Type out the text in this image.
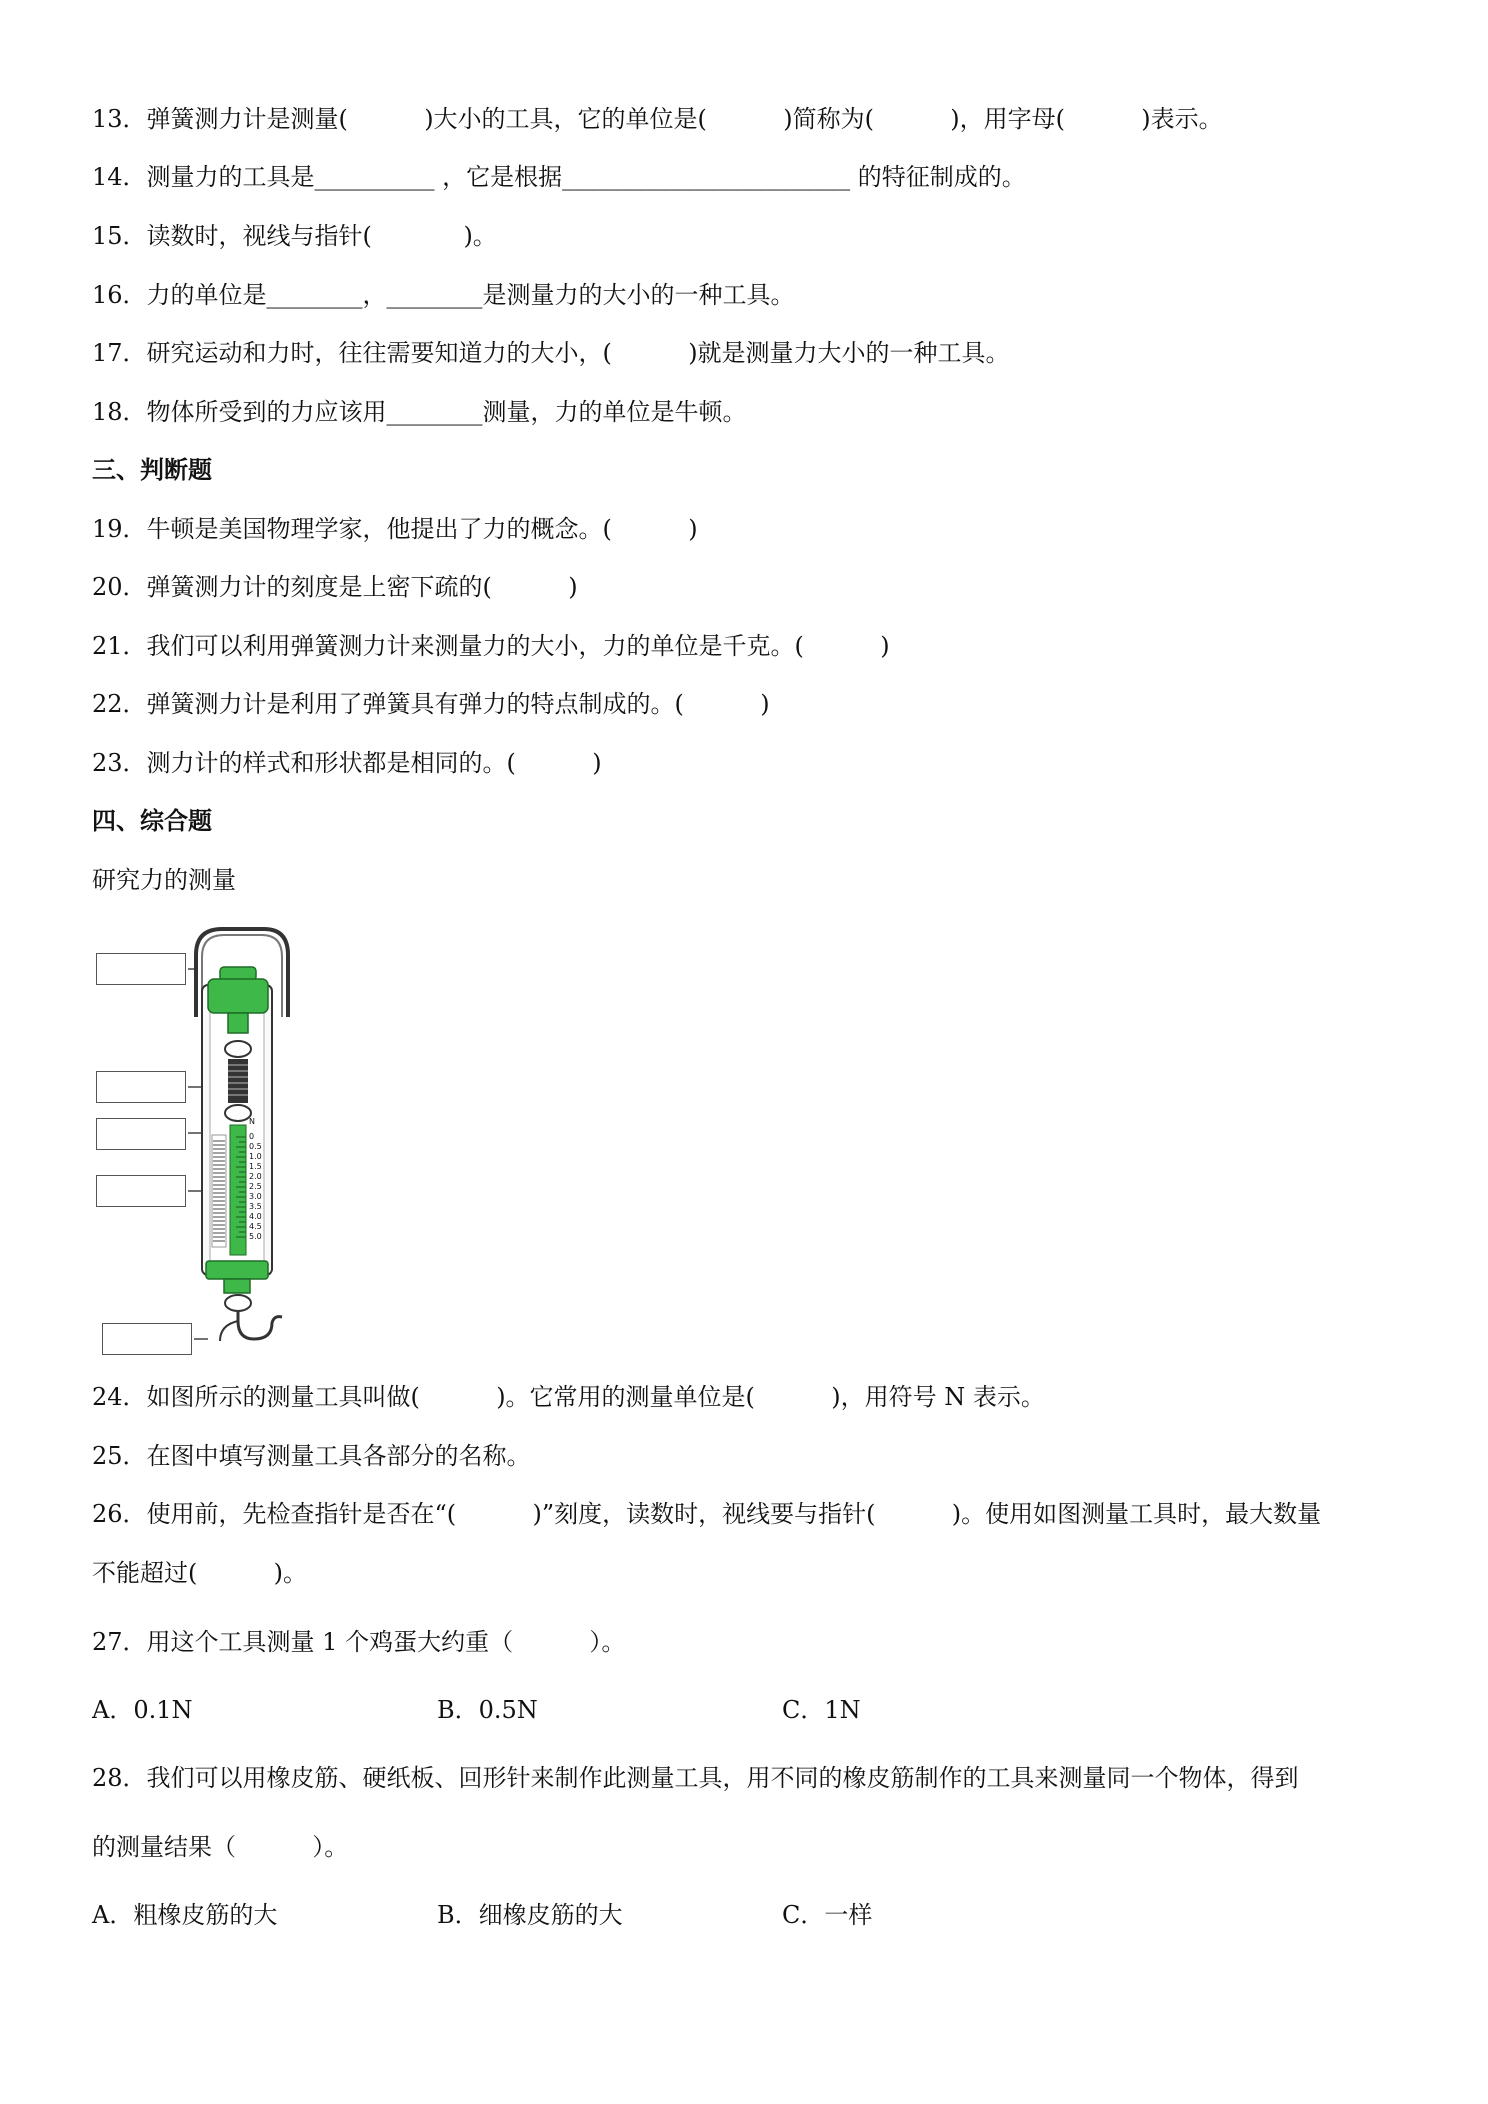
13．弹簧测力计是测量(          )大小的工具，它的单位是(          )简称为(          )，用字母(          )表示。
14．测量力的工具是__________ ，它是根据________________________ 的特征制成的。
15．读数时，视线与指针(            )。
16．力的单位是________，________是测量力的大小的一种工具。
17．研究运动和力时，往往需要知道力的大小，(          )就是测量力大小的一种工具。
18．物体所受到的力应该用________测量，力的单位是牛顿。
三、判断题
19．牛顿是美国物理学家，他提出了力的概念。(          )
20．弹簧测力计的刻度是上密下疏的(          )
21．我们可以利用弹簧测力计来测量力的大小，力的单位是千克。(          )
22．弹簧测力计是利用了弹簧具有弹力的特点制成的。(          )
23．测力计的样式和形状都是相同的。(          )
四、综合题
研究力的测量
N
0
0.5
1.0
1.5
2.0
2.5
3.0
3.5
4.0
4.5
5.0
24．如图所示的测量工具叫做(          )。它常用的测量单位是(          )，用符号 N 表示。
25．在图中填写测量工具各部分的名称。
26．使用前，先检查指针是否在“(          )”刻度，读数时，视线要与指针(          )。使用如图测量工具时，最大数量
不能超过(          )。
27．用这个工具测量 1 个鸡蛋大约重（          ）。
A．0.1N	B．0.5N	C．1N
28．我们可以用橡皮筋、硬纸板、回形针来制作此测量工具，用不同的橡皮筋制作的工具来测量同一个物体，得到
的测量结果（          ）。
A．粗橡皮筋的大	B．细橡皮筋的大	C．一样
